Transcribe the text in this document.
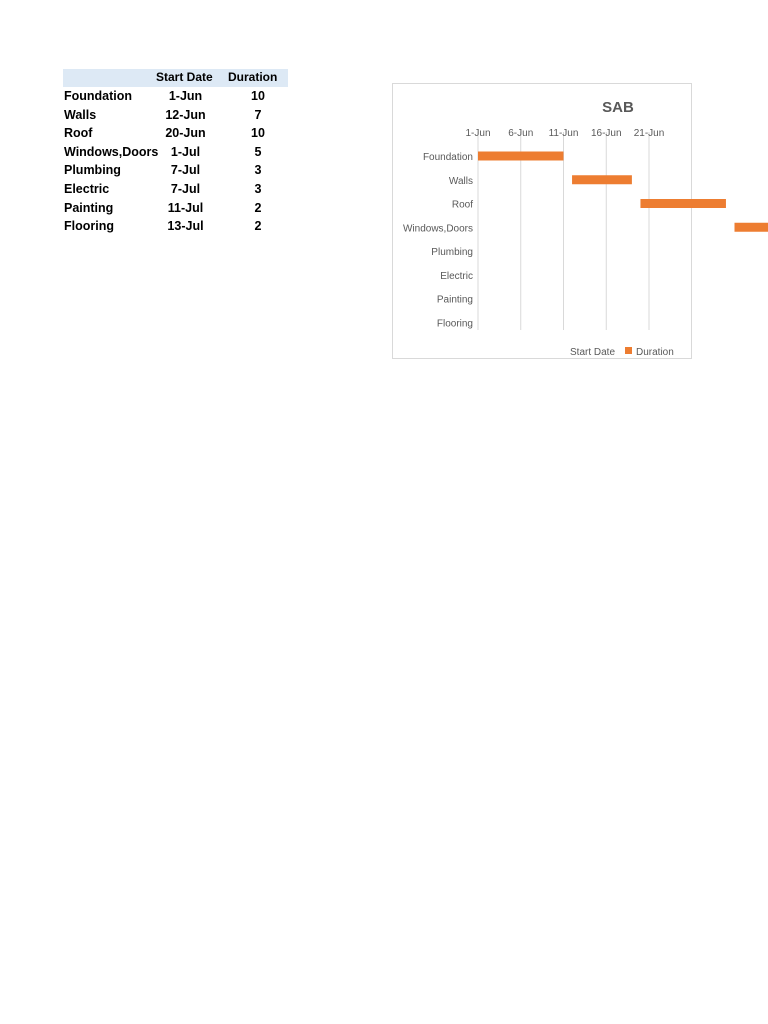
Start Date Duration
Foundation	1-Jun	10
Walls	12-Jun	7
Roof	20-Jun	10
Windows,Doors	1-Jul	5
Plumbing	7-Jul	3
Electric	7-Jul	3
Painting	11-Jul	2
Flooring	13-Jul	2
SAB
1-Jun 6-Jun 11-Jun 16-Jun 21-Jun
Foundation
Walls
Roof
Windows,Doors
Plumbing
Electric
Painting
Flooring
Start Date Duration
